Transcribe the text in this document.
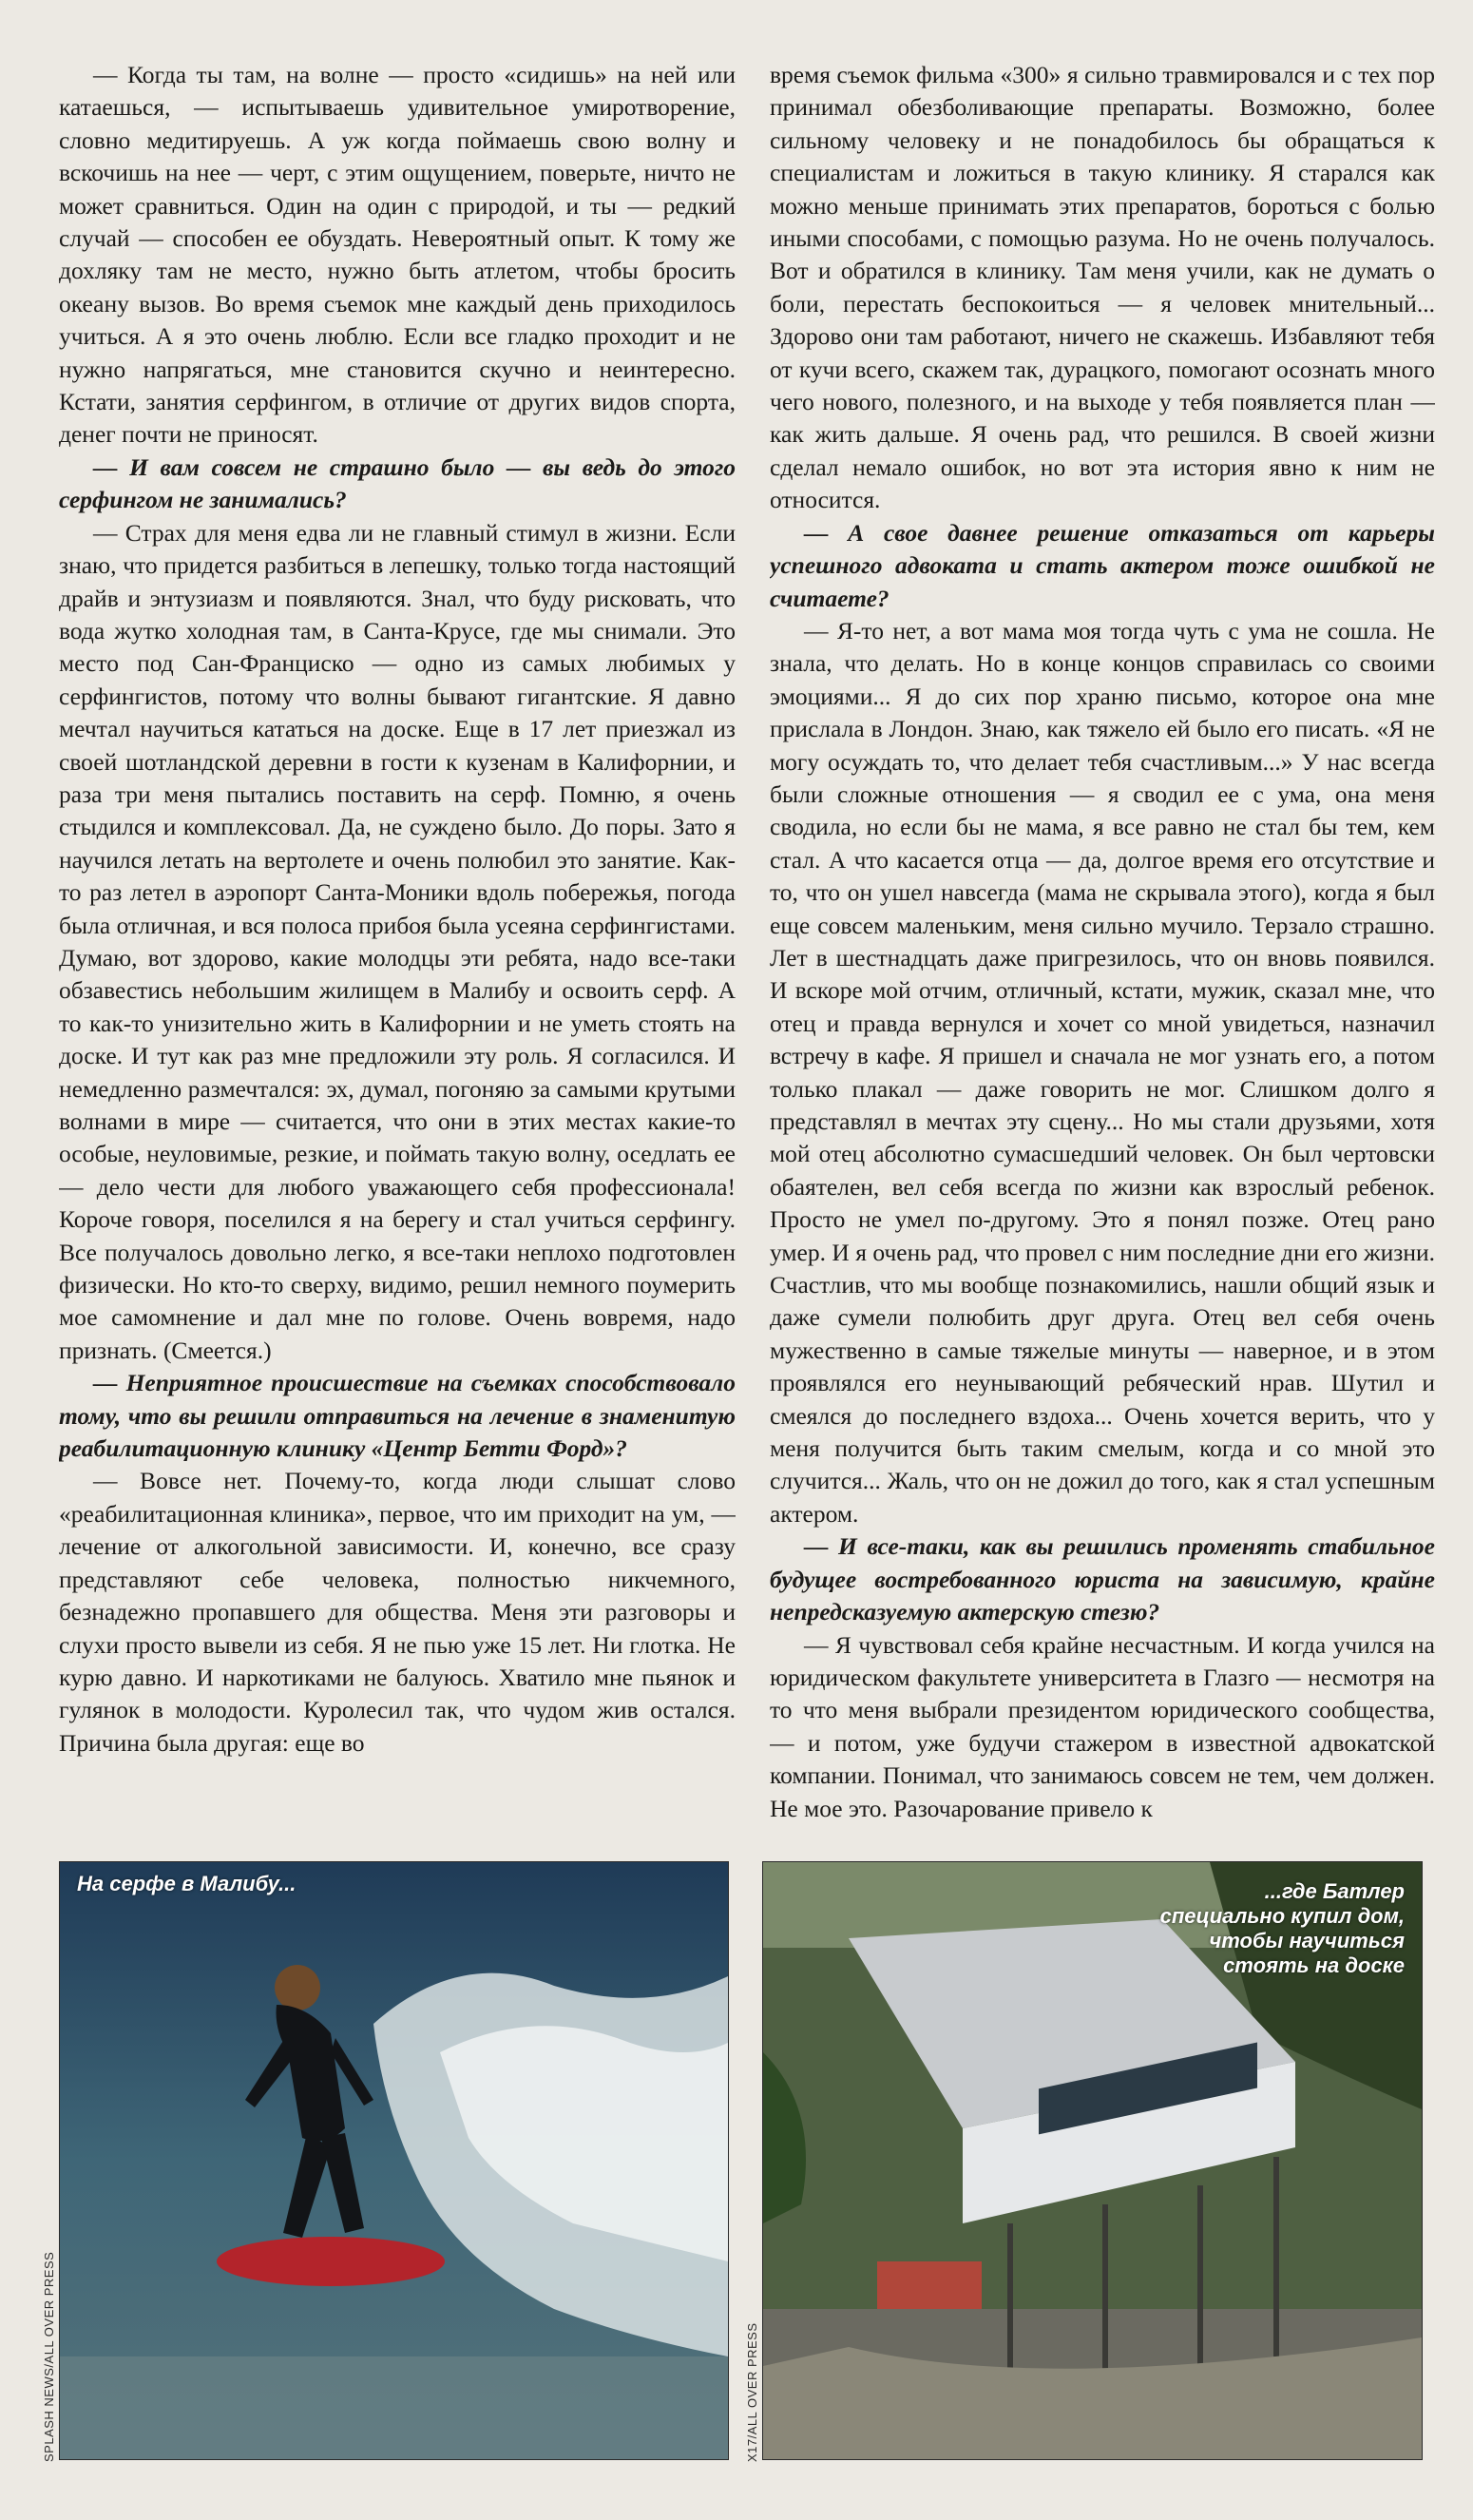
— Когда ты там, на волне — просто «сидишь» на ней или катаешься, — испытываешь удивительное умиротворение, словно медитируешь. А уж когда поймаешь свою волну и вскочишь на нее — черт, с этим ощущением, поверьте, ничто не может сравниться. Один на один с природой, и ты — редкий случай — способен ее обуздать. Невероятный опыт. К тому же дохляку там не место, нужно быть атлетом, чтобы бросить океану вызов. Во время съемок мне каждый день приходилось учиться. А я это очень люблю. Если все гладко проходит и не нужно напрягаться, мне становится скучно и неинтересно. Кстати, занятия серфингом, в отличие от других видов спорта, денег почти не приносят.

— И вам совсем не страшно было — вы ведь до этого серфингом не занимались?

— Страх для меня едва ли не главный стимул в жизни. Если знаю, что придется разбиться в лепешку, только тогда настоящий драйв и энтузиазм и появляются. Знал, что буду рисковать, что вода жутко холодная там, в Санта-Крусе, где мы снимали. Это место под Сан-Франциско — одно из самых любимых у серфингистов, потому что волны бывают гигантские. Я давно мечтал научиться кататься на доске. Еще в 17 лет приезжал из своей шотландской деревни в гости к кузенам в Калифорнии, и раза три меня пытались поставить на серф. Помню, я очень стыдился и комплексовал. Да, не суждено было. До поры. Зато я научился летать на вертолете и очень полюбил это занятие. Как-то раз летел в аэропорт Санта-Моники вдоль побережья, погода была отличная, и вся полоса прибоя была усеяна серфингистами. Думаю, вот здорово, какие молодцы эти ребята, надо все-таки обзавестись небольшим жилищем в Малибу и освоить серф. А то как-то унизительно жить в Калифорнии и не уметь стоять на доске. И тут как раз мне предложили эту роль. Я согласился. И немедленно размечтался: эх, думал, погоняю за самыми крутыми волнами в мире — считается, что они в этих местах какие-то особые, неуловимые, резкие, и поймать такую волну, оседлать ее — дело чести для любого уважающего себя профессионала! Короче говоря, поселился я на берегу и стал учиться серфингу. Все получалось довольно легко, я все-таки неплохо подготовлен физически. Но кто-то сверху, видимо, решил немного поумерить мое самомнение и дал мне по голове. Очень вовремя, надо признать. (Смеется.)

— Неприятное происшествие на съемках способствовало тому, что вы решили отправиться на лечение в знаменитую реабилитационную клинику «Центр Бетти Форд»?

— Вовсе нет. Почему-то, когда люди слышат слово «реабилитационная клиника», первое, что им приходит на ум, — лечение от алкогольной зависимости. И, конечно, все сразу представляют себе человека, полностью никчемного, безнадежно пропавшего для общества. Меня эти разговоры и слухи просто вывели из себя. Я не пью уже 15 лет. Ни глотка. Не курю давно. И наркотиками не балуюсь. Хватило мне пьянок и гулянок в молодости. Куролесил так, что чудом жив остался. Причина была другая: еще во

время съемок фильма «300» я сильно травмировался и с тех пор принимал обезболивающие препараты. Возможно, более сильному человеку и не понадобилось бы обращаться к специалистам и ложиться в такую клинику. Я старался как можно меньше принимать этих препаратов, бороться с болью иными способами, с помощью разума. Но не очень получалось. Вот и обратился в клинику. Там меня учили, как не думать о боли, перестать беспокоиться — я человек мнительный... Здорово они там работают, ничего не скажешь. Избавляют тебя от кучи всего, скажем так, дурацкого, помогают осознать много чего нового, полезного, и на выходе у тебя появляется план — как жить дальше. Я очень рад, что решился. В своей жизни сделал немало ошибок, но вот эта история явно к ним не относится.

— А свое давнее решение отказаться от карьеры успешного адвоката и стать актером тоже ошибкой не считаете?

— Я-то нет, а вот мама моя тогда чуть с ума не сошла. Не знала, что делать. Но в конце концов справилась со своими эмоциями... Я до сих пор храню письмо, которое она мне прислала в Лондон. Знаю, как тяжело ей было его писать. «Я не могу осуждать то, что делает тебя счастливым...» У нас всегда были сложные отношения — я сводил ее с ума, она меня сводила, но если бы не мама, я все равно не стал бы тем, кем стал. А что касается отца — да, долгое время его отсутствие и то, что он ушел навсегда (мама не скрывала этого), когда я был еще совсем маленьким, меня сильно мучило. Терзало страшно. Лет в шестнадцать даже пригрезилось, что он вновь появился. И вскоре мой отчим, отличный, кстати, мужик, сказал мне, что отец и правда вернулся и хочет со мной увидеться, назначил встречу в кафе. Я пришел и сначала не мог узнать его, а потом только плакал — даже говорить не мог. Слишком долго я представлял в мечтах эту сцену... Но мы стали друзьями, хотя мой отец абсолютно сумасшедший человек. Он был чертовски обаятелен, вел себя всегда по жизни как взрослый ребенок. Просто не умел по-другому. Это я понял позже. Отец рано умер. И я очень рад, что провел с ним последние дни его жизни. Счастлив, что мы вообще познакомились, нашли общий язык и даже сумели полюбить друг друга. Отец вел себя очень мужественно в самые тяжелые минуты — наверное, и в этом проявлялся его неунывающий ребяческий нрав. Шутил и смеялся до последнего вздоха... Очень хочется верить, что у меня получится быть таким смелым, когда и со мной это случится... Жаль, что он не дожил до того, как я стал успешным актером.

— И все-таки, как вы решились променять стабильное будущее востребованного юриста на зависимую, крайне непредсказуемую актерскую стезю?

— Я чувствовал себя крайне несчастным. И когда учился на юридическом факультете университета в Глазго — несмотря на то что меня выбрали президентом юридического сообщества, — и потом, уже будучи стажером в известной адвокатской компании. Понимал, что занимаюсь совсем не тем, чем должен. Не мое это. Разочарование привело к

На серфе в Малибу...	...где Батлер специально купил дом, чтобы научиться стоять на доске
SPLASH NEWS/ALL OVER PRESS	X17/ALL OVER PRESS
